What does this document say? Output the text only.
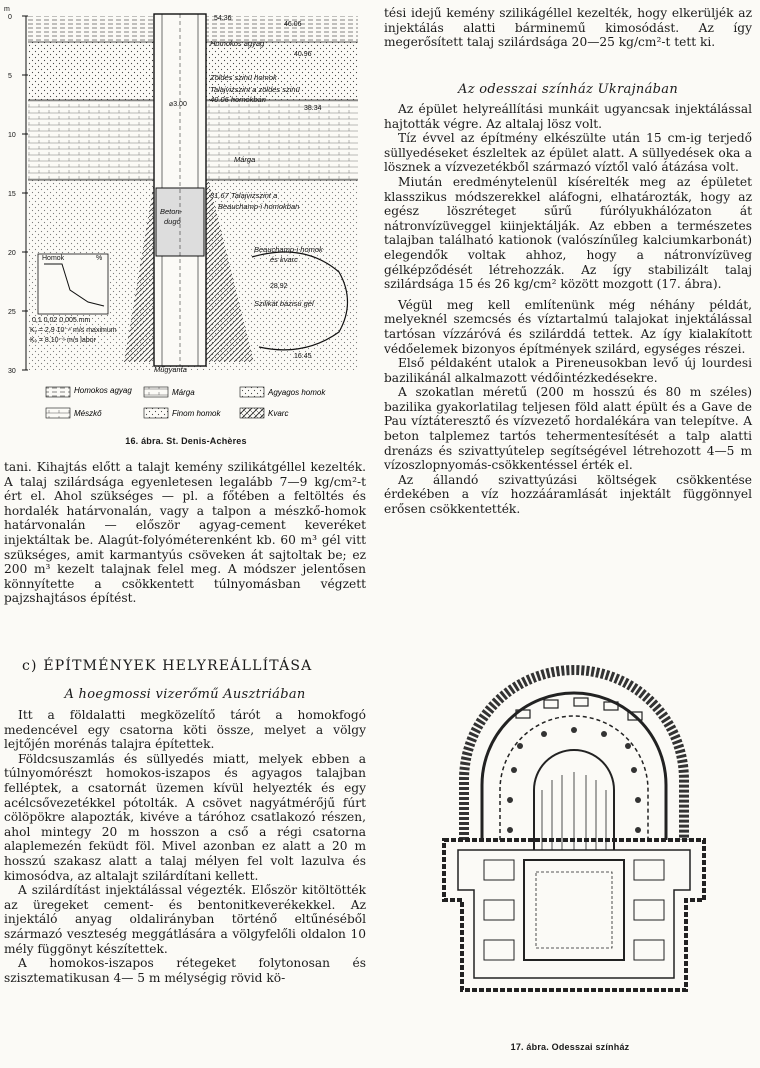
m
0
5
10
15
20
25
30
Homok	%
0,1 0,02 0,005 mm
Kᵥ = 2,9 10⁻⁴ m/s maximum
Kᵥ = 8.10⁻⁶ m/s labor
54.36
46.06
Homokos agyag
40.96
Zöldes szinü homok
Talajvizszint a zöldes szinü
40.06 homokban
38.34
⌀3.00
Márga
31.67 Talajvizszint a
Beauchamp-i homokban
Beton-
dugó
Beauchamp-i homok
és kvarc
28.92
Szilikát bázisú gél
16.45
Műgyanta
Homokos agyag	Márga	Agyagos homok
Mészkő	Finom homok	Kvarc
16. ábra. St. Denis-Achères

tani. Kihajtás előtt a talajt kemény szilikátgéllel kezelték. A talaj szilárdsága egyenletesen legalább 7—9 kg/cm²-t ért el. Ahol szükséges — pl. a főtében a feltöltés és hordalék határvonalán, vagy a talpon a mészkő-homok határvonalán — először agyag-cement keveréket injektáltak be. Alagút-folyóméterenként kb. 60 m³ gél vitt szükséges, amit karmantyús csöveken át sajtoltak be; ez 200 m³ kezelt talajnak felel meg. A módszer jelentősen könnyítette a csökkentett túlnyomásban végzett pajzshajtásos építést.

c) ÉPÍTMÉNYEK HELYREÁLLÍTÁSA

A hoegmossi vizerőmű Ausztriában

Itt a földalatti megközelítő tárót a homokfogó medencével egy csatorna köti össze, melyet a völgy lejtőjén morénás talajra építettek.

Földcsuszamlás és süllyedés miatt, melyek ebben a túlnyomórészt homokos-iszapos és agyagos talajban felléptek, a csatornát üzemen kívül helyezték és egy acélcsővezetékkel pótolták. A csövet nagyátmérőjű fúrt cölöpökre alapozták, kivéve a táróhoz csatlakozó részen, ahol mintegy 20 m hosszon a cső a régi csatorna alaplemezén feküdt föl. Mivel azonban ez alatt a 20 m hosszú szakasz alatt a talaj mélyen fel volt lazulva és kimosódva, az altalajt szilárdítani kellett.

A szilárdítást injektálással végezték. Először kitöltötték az üregeket cement- és bentonitkeverékekkel. Az injektáló anyag oldalirányban történő eltűnéséből származó veszteség meggátlására a völgyfelőli oldalon 10 mély függönyt készítettek.

A homokos-iszapos rétegeket folytonosan és szisztematikusan 4— 5 m mélységig rövid kö-

tési idejű kemény szilikágéllel kezelték, hogy elkerüljék az injektálás alatti bárminemű kimosódást. Az így megerősített talaj szilárdsága 20—25 kg/cm²-t tett ki.

Az odesszai színház Ukrajnában

Az épület helyreállítási munkáit ugyancsak injektálással hajtották végre. Az altalaj lösz volt.

Tíz évvel az építmény elkészülte után 15 cm-ig terjedő süllyedéseket észleltek az épület alatt. A süllyedések oka a lösznek a vízvezetékből származó víztől való átázása volt.

Miután eredménytelenül kísérelték meg az épületet klasszikus módszerekkel aláfogni, elhatározták, hogy az egész löszréteget sűrű fúrólyukhálózaton át nátronvízüveggel kiinjektálják. Az ebben a természetes talajban található kationok (valószínűleg kalciumkarbonát) elegendők voltak ahhoz, hogy a nátronvízüveg gélképződését létrehozzák. Az így stabilizált talaj szilárdsága 15 és 26 kg/cm² között mozgott (17. ábra).

Végül meg kell említenünk még néhány példát, melyeknél szemcsés és víztartalmú talajokat injektálással tartósan vízzáróvá és szilárddá tettek. Az így kialakított védőelemek bizonyos építmények szilárd, egységes részei.

Első példaként utalok a Pireneusokban levő új lourdesi bazilikánál alkalmazott védőintézkedésekre.

A szokatlan méretű (200 m hosszú és 80 m széles) bazilika gyakorlatilag teljesen föld alatt épült és a Gave de Pau víztáteresztő és vízvezető hordalékára van telepítve. A beton talplemez tartós tehermentesítését a talp alatti drenázs és szivattyútelep segítségével létrehozott 4—5 m vízoszlopnyomás-csökkentéssel érték el.

Az állandó szivattyúzási költségek csökkentése érdekében a víz hozzááramlását injektált függönnyel erősen csökkentették.

17. ábra. Odesszai színház
